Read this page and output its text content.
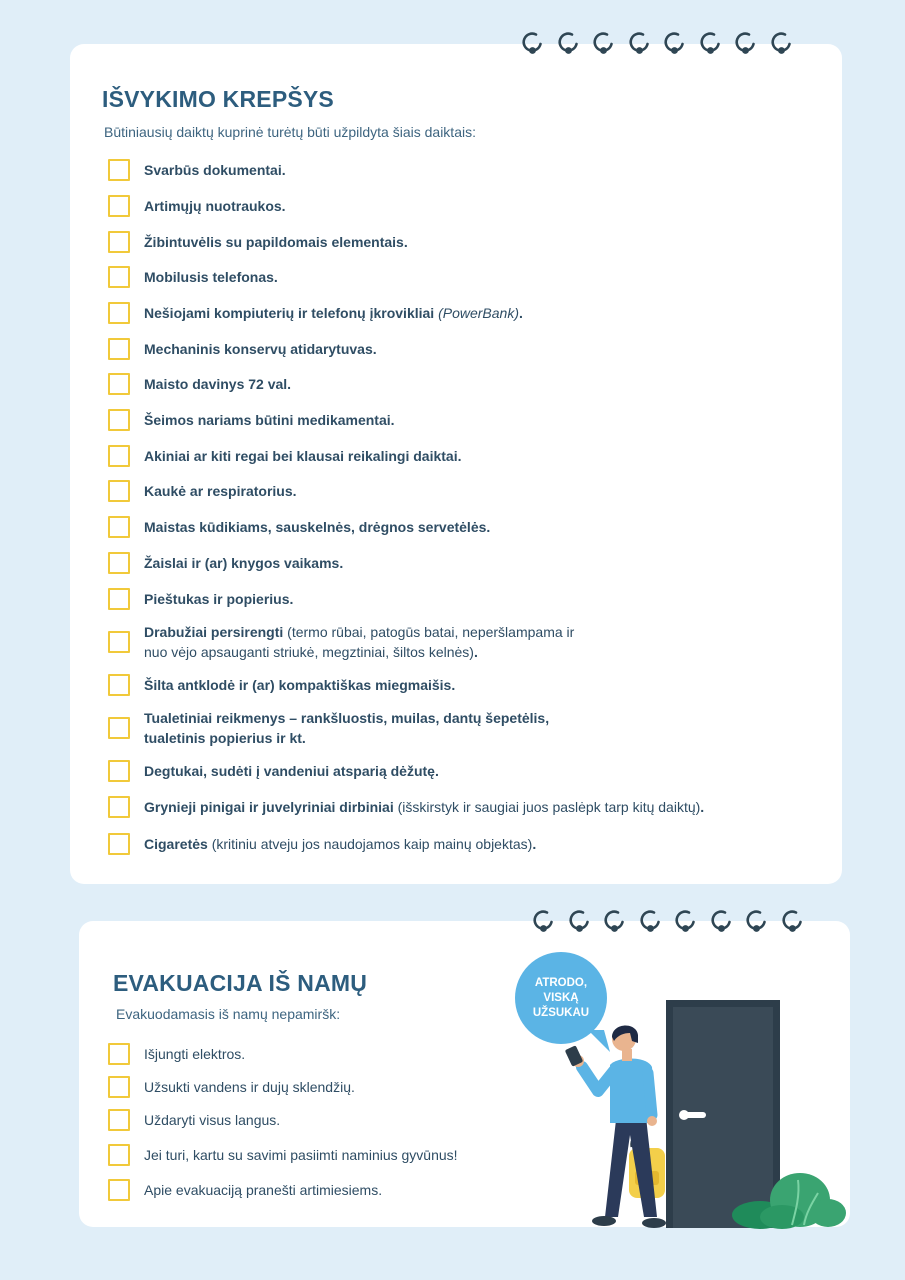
IŠVYKIMO KREPŠYS

Būtiniausių daiktų kuprinė turėtų būti užpildyta šiais daiktais:

Svarbūs dokumentai.
Artimųjų nuotraukos.
Žibintuvėlis su papildomais elementais.
Mobilusis telefonas.
Nešiojami kompiuterių ir telefonų įkrovikliai (PowerBank).
Mechaninis konservų atidarytuvas.
Maisto davinys 72 val.
Šeimos nariams būtini medikamentai.
Akiniai ar kiti regai bei klausai reikalingi daiktai.
Kaukė ar respiratorius.
Maistas kūdikiams, sauskelnės, drėgnos servetėlės.
Žaislai ir (ar) knygos vaikams.
Pieštukas ir popierius.
Drabužiai persirengti (termo rūbai, patogūs batai, neperšlampama ir
nuo vėjo apsauganti striukė, megztiniai, šiltos kelnės).
Šilta antklodė ir (ar) kompaktiškas miegmaišis.
Tualetiniai reikmenys – rankšluostis, muilas, dantų šepetėlis,
tualetinis popierius ir kt.
Degtukai, sudėti į vandeniui atsparią dėžutę.
Grynieji pinigai ir juvelyriniai dirbiniai (išskirstyk ir saugiai juos paslėpk tarp kitų daiktų).
Cigaretės (kritiniu atveju jos naudojamos kaip mainų objektas).
EVAKUACIJA IŠ NAMŲ

Evakuodamasis iš namų nepamiršk:

Išjungti elektros.
Užsukti vandens ir dujų sklendžių.
Uždaryti visus langus.
Jei turi, kartu su savimi pasiimti naminius gyvūnus!
Apie evakuaciją pranešti artimiesiems.
ATRODO,
VISKĄ
UŽSUKAU
